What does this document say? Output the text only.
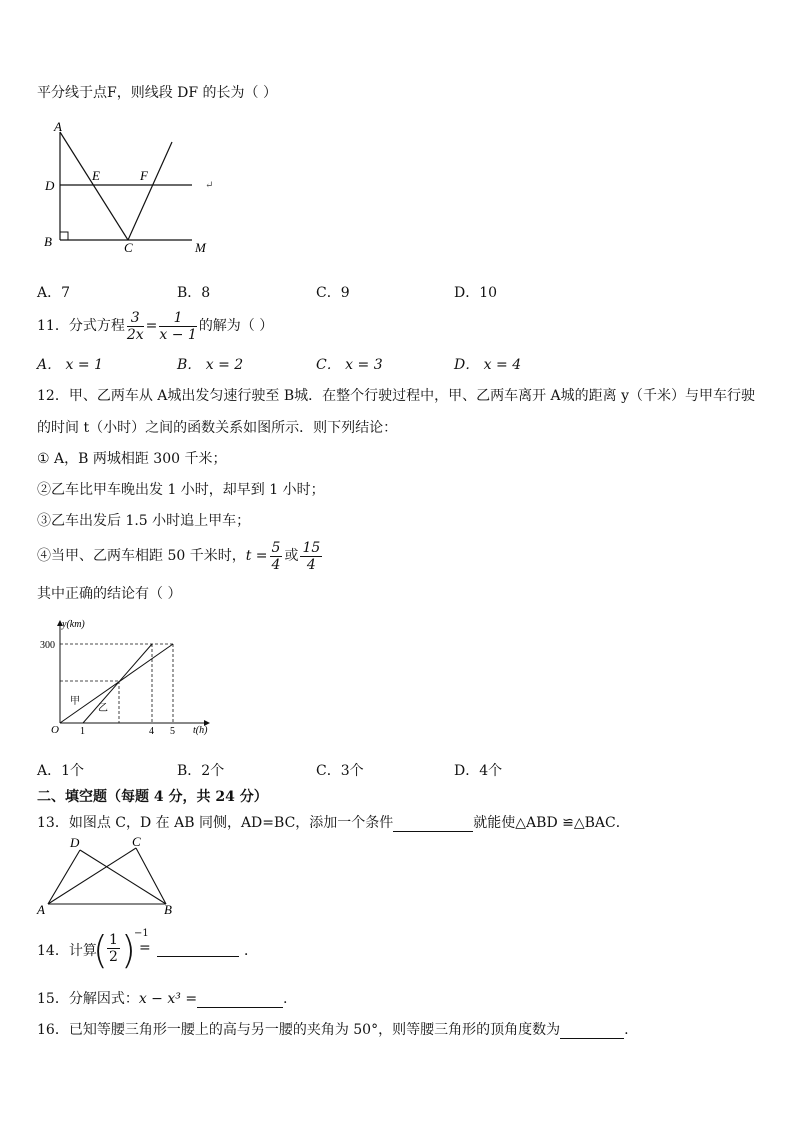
平分线于点F，则线段 DF 的长为（ ）
A
D
E	F
B	C	M
↵
A．7	B．8	C．9	D．10
11．分式方程 $\frac{3}{2x} = \frac{1}{x - 1}$ 的解为（ ）
A． x = 1	B． x = 2	C． x = 3	D． x = 4
12．甲、乙两车从 A城出发匀速行驶至 B城．在整个行驶过程中，甲、乙两车离开 A城的距离 y（千米）与甲车行驶
的时间 t（小时）之间的函数关系如图所示．则下列结论：
① A，B 两城相距 300 千米；
②乙车比甲车晚出发 1 小时，却早到 1 小时；
③乙车出发后 1.5 小时追上甲车；
④当甲、乙两车相距 50 千米时，$t = \frac{5}{4}$ 或 $\frac{15}{4}$
其中正确的结论有（ ）
y(km)
t(h)
300
O 1	4 5
甲
乙
A．1个	B．2个	C．3个	D．4个
二、填空题（每题 4 分，共 24 分）
13．如图点 C，D 在 AB 同侧，AD=BC，添加一个条件	就能使△ABD ≌△BAC．
D	C
A	B
14．计算
( $\frac{1}{2}$ )
−1
=	．
15．分解因式：x − x³ =	.
16．已知等腰三角形一腰上的高与另一腰的夹角为 50°，则等腰三角形的顶角度数为	.
